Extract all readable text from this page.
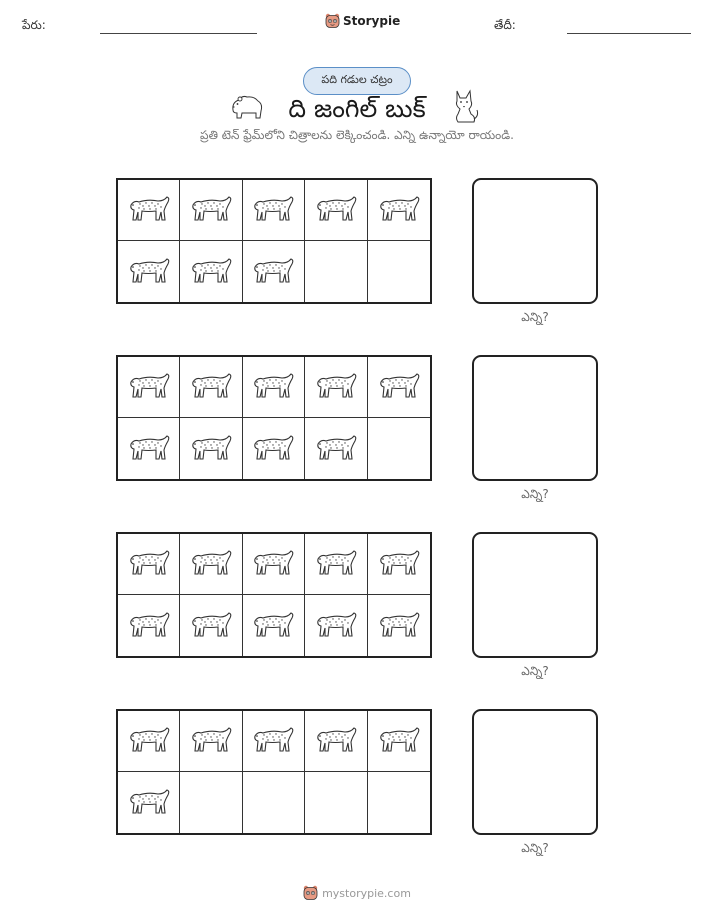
పేరు:	Storypie	తేదీ:
పది గడుల చట్రం
ది జంగిల్ బుక్
ప్రతి టెన్ ఫ్రేమ్‌లోని చిత్రాలను లెక్కించండి. ఎన్ని ఉన్నాయో రాయండి.
ఎన్ని?
ఎన్ని?
ఎన్ని?
ఎన్ని?
mystorypie.com
